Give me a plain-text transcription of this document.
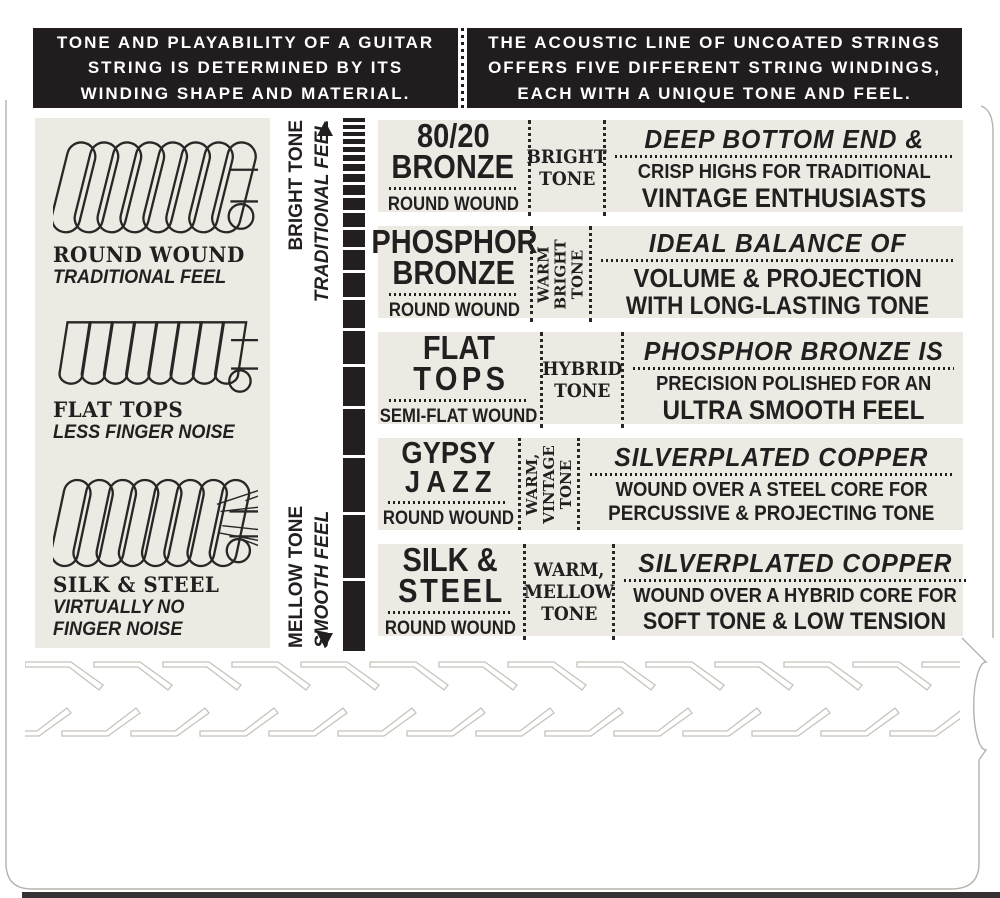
TONE AND PLAYABILITY OF A GUITAR
STRING IS DETERMINED BY ITS
WINDING SHAPE AND MATERIAL.
THE ACOUSTIC LINE OF UNCOATED STRINGS
OFFERS FIVE DIFFERENT STRING WINDINGS,
EACH WITH A UNIQUE TONE AND FEEL.
ROUND WOUND
TRADITIONAL FEEL
FLAT TOPS
LESS FINGER NOISE
SILK & STEEL
VIRTUALLY NO
FINGER NOISE
BRIGHT TONE TRADITIONAL FEEL
MELLOW TONE SMOOTH FEEL
80/20
BRONZE
ROUND WOUND
BRIGHT
TONE
DEEP BOTTOM END &
CRISP HIGHS FOR TRADITIONAL
VINTAGE ENTHUSIASTS
PHOSPHOR
BRONZE
ROUND WOUND
WARM BRIGHT TONE
IDEAL BALANCE OF
VOLUME & PROJECTION
WITH LONG-LASTING TONE
FLAT
TOPS
SEMI-FLAT WOUND
HYBRID
TONE
PHOSPHOR BRONZE IS
PRECISION POLISHED FOR AN
ULTRA SMOOTH FEEL
GYPSY
JAZZ
ROUND WOUND
WARM, VINTAGE TONE
SILVERPLATED COPPER
WOUND OVER A STEEL CORE FOR
PERCUSSIVE & PROJECTING TONE
SILK &
STEEL
ROUND WOUND
WARM,
MELLOW
TONE
SILVERPLATED COPPER
WOUND OVER A HYBRID CORE FOR
SOFT TONE & LOW TENSION
